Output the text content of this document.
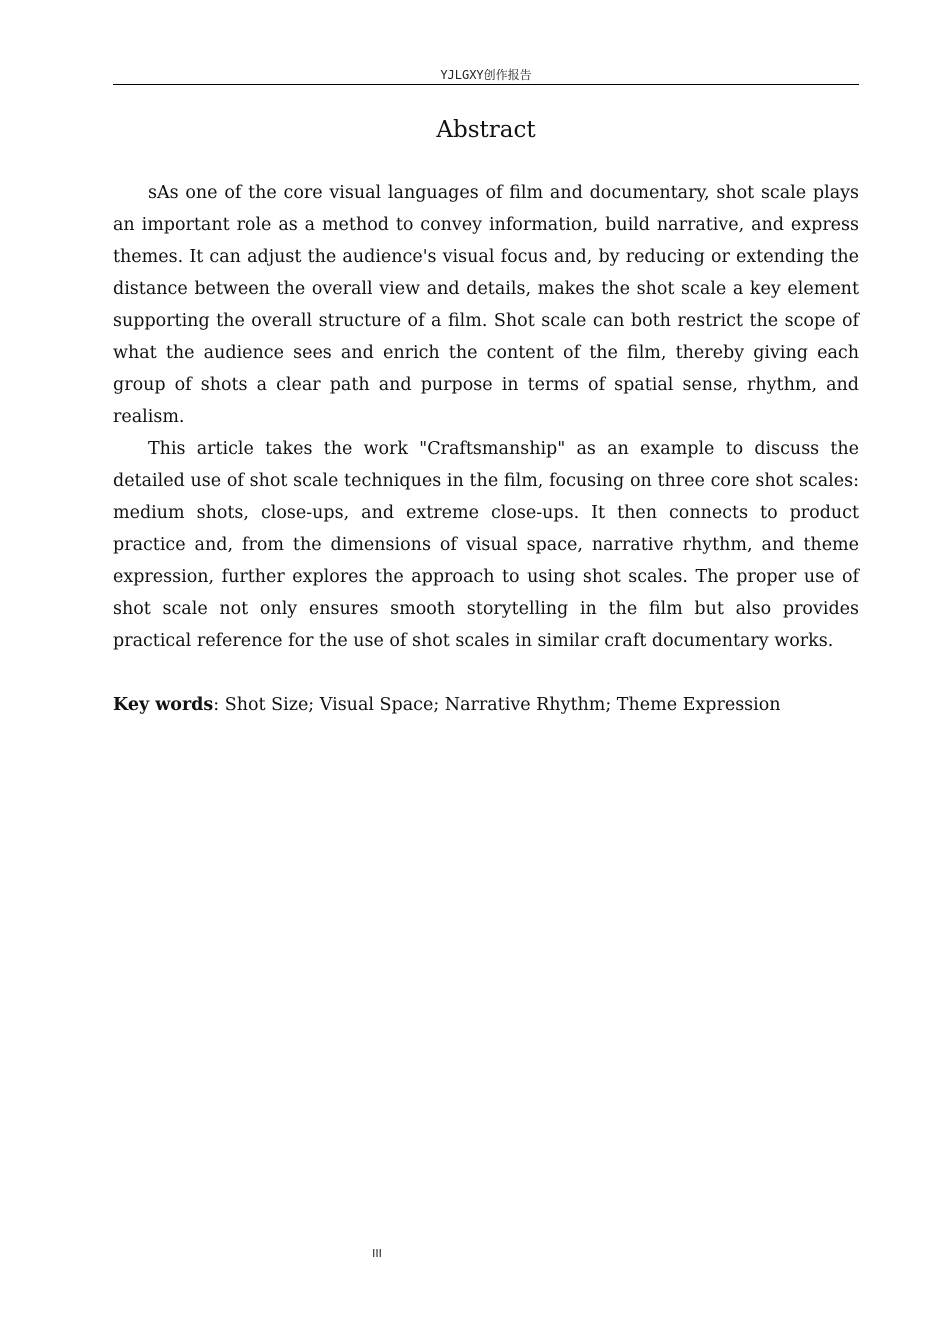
YJLGXY创作报告
Abstract

sAs one of the core visual languages of film and documentary, shot scale plays an important role as a method to convey information, build narrative, and express themes. It can adjust the audience's visual focus and, by reducing or extending the distance between the overall view and details, makes the shot scale a key element supporting the overall structure of a film. Shot scale can both restrict the scope of what the audience sees and enrich the content of the film, thereby giving each group of shots a clear path and purpose in terms of spatial sense, rhythm, and realism.

This article takes the work "Craftsmanship" as an example to discuss the detailed use of shot scale techniques in the film, focusing on three core shot scales: medium shots, close-ups, and extreme close-ups. It then connects to product practice and, from the dimensions of visual space, narrative rhythm, and theme expression, further explores the approach to using shot scales. The proper use of shot scale not only ensures smooth storytelling in the film but also provides practical reference for the use of shot scales in similar craft documentary works.

Key words: Shot Size; Visual Space; Narrative Rhythm; Theme Expression

III
